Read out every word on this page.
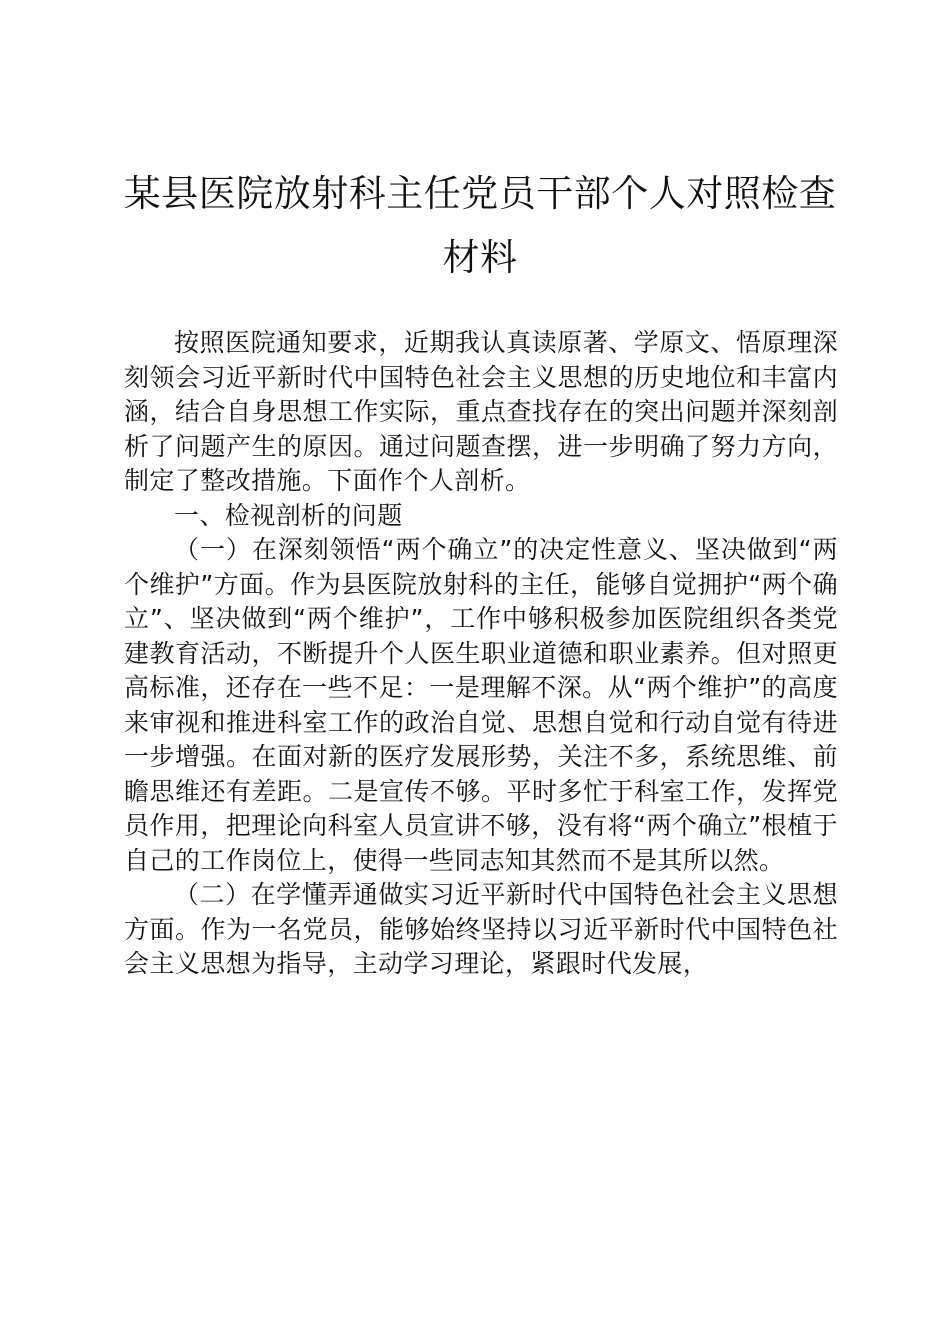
某县医院放射科主任党员干部个人对照检查材料

按照医院通知要求，近期我认真读原著、学原文、悟原理深刻领会习近平新时代中国特色社会主义思想的历史地位和丰富内涵，结合自身思想工作实际，重点查找存在的突出问题并深刻剖析了问题产生的原因。通过问题查摆，进一步明确了努力方向，制定了整改措施。下面作个人剖析。

一、检视剖析的问题

（一）在深刻领悟“两个确立”的决定性意义、坚决做到“两个维护”方面。作为县医院放射科的主任，能够自觉拥护“两个确立”、坚决做到“两个维护”，工作中够积极参加医院组织各类党建教育活动，不断提升个人医生职业道德和职业素养。但对照更高标准，还存在一些不足：一是理解不深。从“两个维护”的高度来审视和推进科室工作的政治自觉、思想自觉和行动自觉有待进一步增强。在面对新的医疗发展形势，关注不多，系统思维、前瞻思维还有差距。二是宣传不够。平时多忙于科室工作，发挥党员作用，把理论向科室人员宣讲不够，没有将“两个确立”根植于自己的工作岗位上，使得一些同志知其然而不是其所以然。

（二）在学懂弄通做实习近平新时代中国特色社会主义思想方面。作为一名党员，能够始终坚持以习近平新时代中国特色社会主义思想为指导，主动学习理论，紧跟时代发展，
